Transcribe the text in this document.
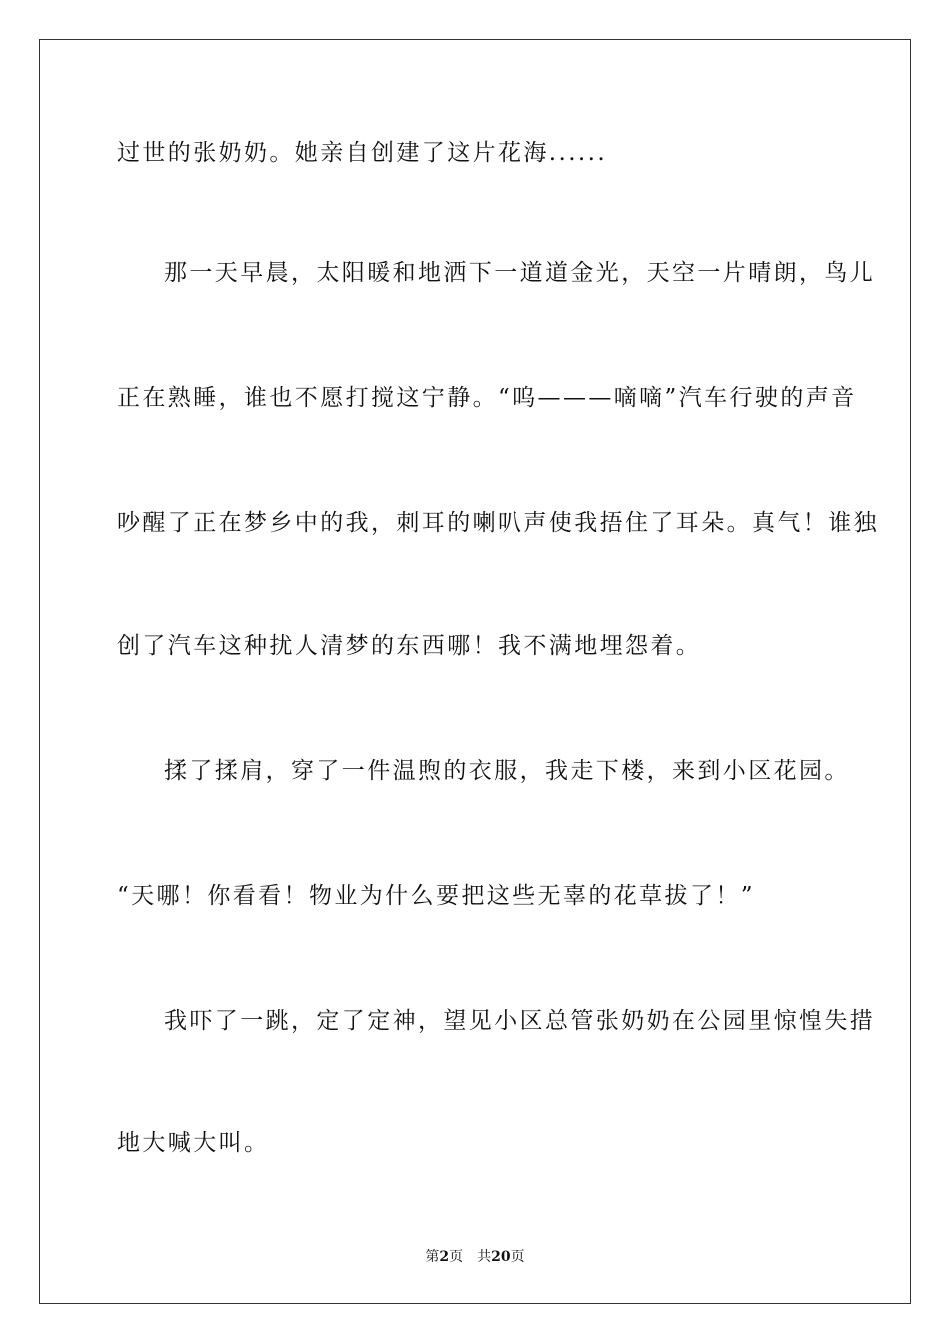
过世的张奶奶。她亲自创建了这片花海......
那一天早晨，太阳暖和地洒下一道道金光，天空一片晴朗，鸟儿
正在熟睡，谁也不愿打搅这宁静。“呜———嘀嘀”汽车行驶的声音
吵醒了正在梦乡中的我，刺耳的喇叭声使我捂住了耳朵。真气！谁独
创了汽车这种扰人清梦的东西哪！我不满地埋怨着。
揉了揉肩，穿了一件温煦的衣服，我走下楼，来到小区花园。
“天哪！你看看！物业为什么要把这些无辜的花草拔了！”
我吓了一跳，定了定神，望见小区总管张奶奶在公园里惊惶失措
地大喊大叫。
第2页 共20页
